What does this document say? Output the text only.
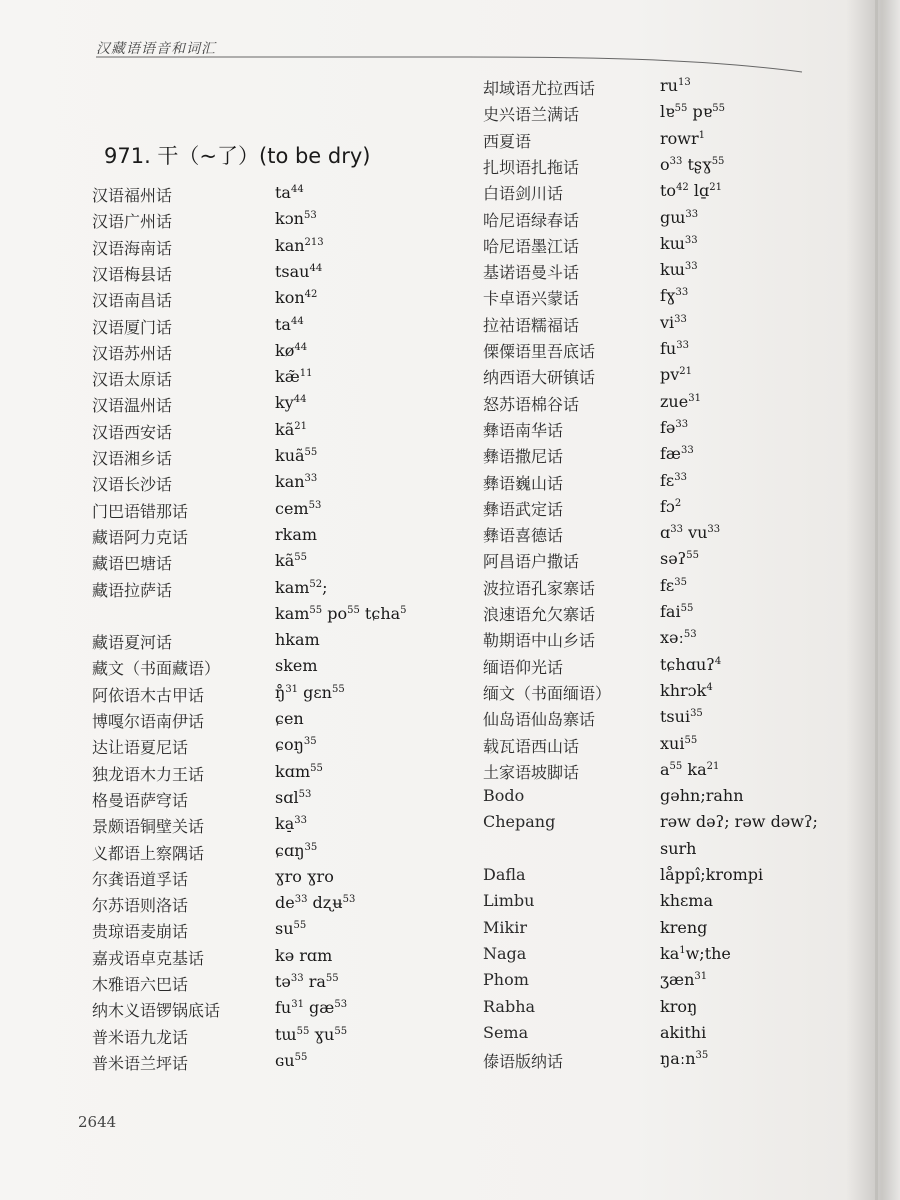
汉藏语语音和词汇
971. 干（~了）(to be dry)
汉语福州话	$ta^{44}$
汉语广州话	kɔn$^{53}$
汉语海南话	kan$^{213}$
汉语梅县话	tsau$^{44}$
汉语南昌话	kon$^{42}$
汉语厦门话	$ta^{44}$
汉语苏州话	$kø^{44}$
汉语太原话	kæ̃$^{11}$
汉语温州话	$ky^{44}$
汉语西安话	$kã^{21}$
汉语湘乡话	kuã$^{55}$
汉语长沙话	kan$^{33}$
门巴语错那话	cem$^{53}$
藏语阿力克话	rkam
藏语巴塘话	$kã^{55}$
藏语拉萨话	kam$^{52}$;
kam$^{55}$ $po^{55}$ tɕha$^5$
藏语夏河话	hkam
藏文（书面藏语）	skem
阿依语木古甲话	ŋ̊$^{31}$ gɛn$^{55}$
博嘎尔语南伊话	ɕen
达让语夏尼话	ɕoŋ$^{35}$
独龙语木力王话	kɑm$^{55}$
格曼语萨穹话	sɑl$^{53}$
景颇语铜壁关话	ka̠$^{33}$
义都语上察隅话	ɕɑŋ$^{35}$
尔龚语道孚话	ɣro ɣro
尔苏语则洛话	$de^{33}$ dʐʉ$^{53}$
贵琼语麦崩话	$su^{55}$
嘉戎语卓克基话	kə rɑm
木雅语六巴话	tə$^{33}$ $ra^{55}$
纳木义语锣锅底话	$fu^{31}$ $gæ^{53}$
普米语九龙话	tɯ$^{55}$ ɣu$^{55}$
普米语兰坪话	ɢu$^{55}$
却域语尤拉西话	$ru^{13}$
史兴语兰满话	lɐ$^{55}$ pɐ$^{55}$
西夏语	rowr$^1$
扎坝语扎拖话	$o^{33}$ tʂɣ$^{55}$
白语剑川话	$to^{42}$ lɑ̱$^{21}$
哈尼语绿春话	gɯ$^{33}$
哈尼语墨江话	kɯ$^{33}$
基诺语曼斗话	kɯ$^{33}$
卡卓语兴蒙话	fɣ$^{33}$
拉祜语糯福话	$vi^{33}$
傈僳语里吾底话	$fu^{33}$
纳西语大研镇话	$pv^{21}$
怒苏语棉谷话	zue$^{31}$
彝语南华话	fə$^{33}$
彝语撒尼话	$fæ^{33}$
彝语巍山话	fɛ$^{33}$
彝语武定话	fɔ$^2$
彝语喜德话	ɑ$^{33}$ $vu^{33}$
阿昌语户撒话	səʔ$^{55}$
波拉语孔家寨话	fɛ$^{35}$
浪速语允欠寨话	fai$^{55}$
勒期语中山乡话	xəː$^{53}$
缅语仰光话	tɕhɑuʔ$^4$
缅文（书面缅语）	khrɔk$^4$
仙岛语仙岛寨话	tsui$^{35}$
载瓦语西山话	xui$^{55}$
土家语坡脚话	$a^{55}$ $ka^{21}$
Bodo	gəhn;rahn
Chepang	rəw dəʔ; rəw dəwʔ;
surh
Dafla	låppî;krompi
Limbu	khɛma
Mikir	kreng
Naga	$ka^1w;the$
Phom	ʒæn$^{31}$
Rabha	kroŋ
Sema	akithi
傣语版纳话	ŋaːn$^{35}$
2644
